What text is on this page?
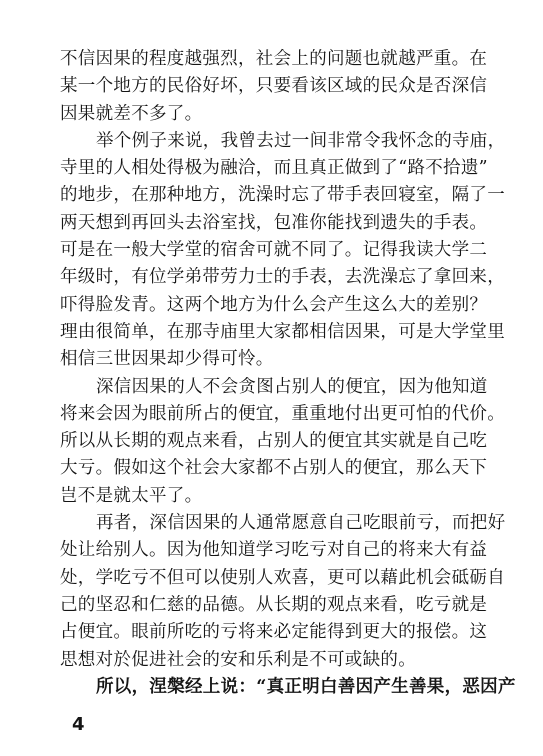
不信因果的程度越强烈，社会上的问题也就越严重。在
某一个地方的民俗好坏，只要看该区域的民众是否深信
因果就差不多了。
举个例子来说，我曾去过一间非常令我怀念的寺庙，
寺里的人相处得极为融洽，而且真正做到了“路不拾遗”
的地步，在那种地方，洗澡时忘了带手表回寝室，隔了一
两天想到再回头去浴室找，包准你能找到遗失的手表。
可是在一般大学堂的宿舍可就不同了。记得我读大学二
年级时，有位学弟带劳力士的手表，去洗澡忘了拿回来，
吓得脸发青。这两个地方为什么会产生这么大的差别？
理由很简单，在那寺庙里大家都相信因果，可是大学堂里
相信三世因果却少得可怜。
深信因果的人不会贪图占别人的便宜，因为他知道
将来会因为眼前所占的便宜，重重地付出更可怕的代价。
所以从长期的观点来看，占别人的便宜其实就是自己吃
大亏。假如这个社会大家都不占别人的便宜，那么天下
岂不是就太平了。
再者，深信因果的人通常愿意自己吃眼前亏，而把好
处让给别人。因为他知道学习吃亏对自己的将来大有益
处，学吃亏不但可以使别人欢喜，更可以藉此机会砥砺自
己的坚忍和仁慈的品德。从长期的观点来看，吃亏就是
占便宜。眼前所吃的亏将来必定能得到更大的报偿。这
思想对於促进社会的安和乐利是不可或缺的。
所以，涅槃经上说：“真正明白善因产生善果，恶因产
4
